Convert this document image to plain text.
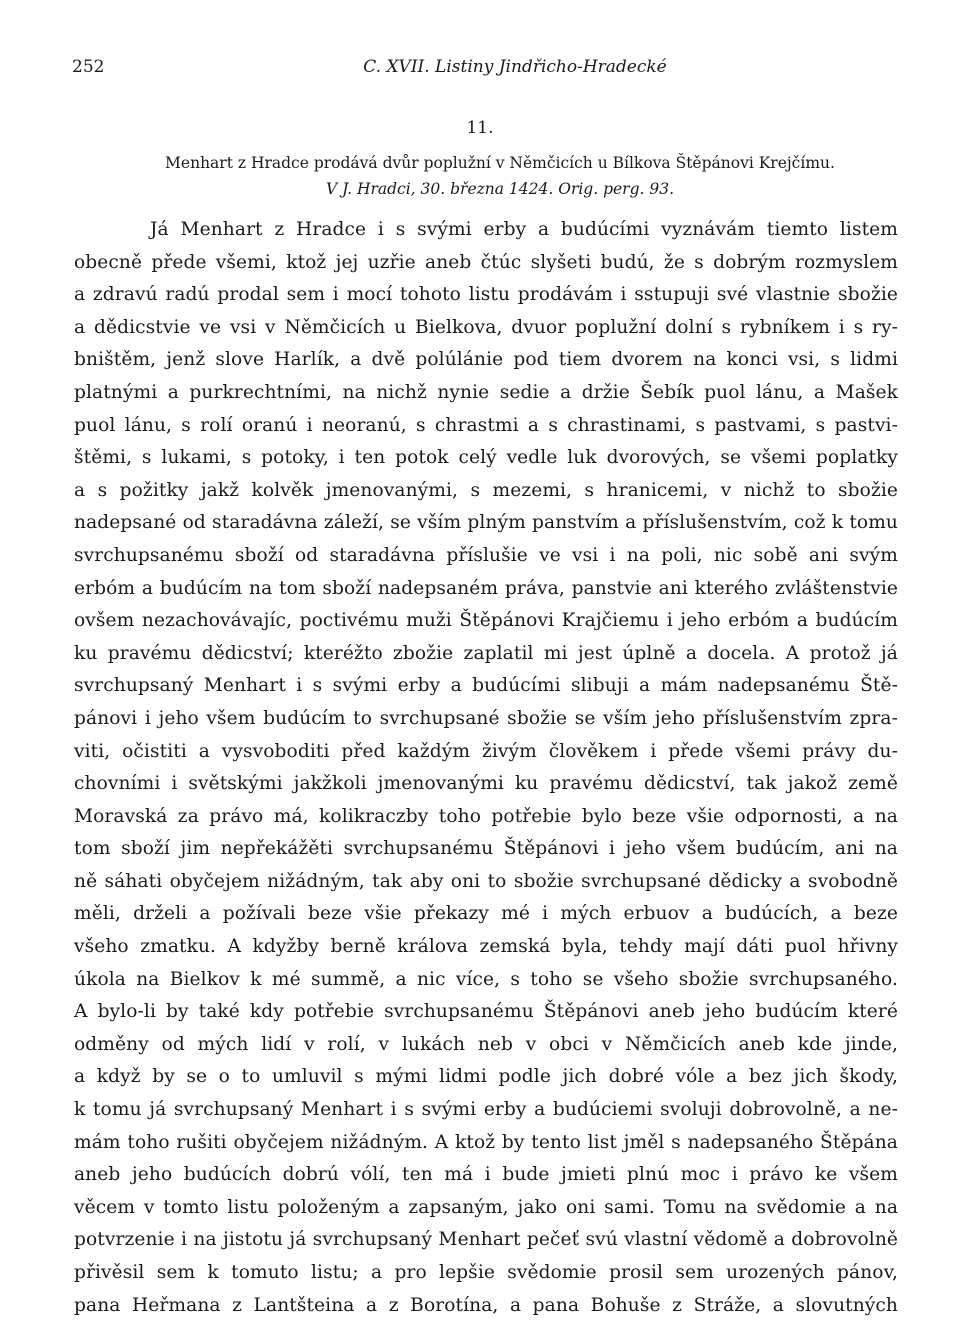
252	C. XVII. Listiny Jindřicho-Hradecké
11.
Menhart z Hradce prodává dvůr poplužní v Němčicích u Bílkova Štěpánovi Krejčímu.
V J. Hradci, 30. března 1424. Orig. perg. 93.
Já Menhart z Hradce i s svými erby a budúcími vyznávám tiemto listem
obecně přede všemi, ktož jej uzřie aneb čtúc slyšeti budú, že s dobrým rozmyslem
a zdravú radú prodal sem i mocí tohoto listu prodávám i sstupuji své vlastnie sbožie
a dědicstvie ve vsi v Němčicích u Bielkova, dvuor poplužní dolní s rybníkem i s ry-
bništěm, jenž slove Harlík, a dvě polúlánie pod tiem dvorem na konci vsi, s lidmi
platnými a purkrechtními, na nichž nynie sedie a držie Šebík puol lánu, a Mašek
puol lánu, s rolí oranú i neoranú, s chrastmi a s chrastinami, s pastvami, s pastvi-
štěmi, s lukami, s potoky, i ten potok celý vedle luk dvorových, se všemi poplatky
a s požitky jakž kolvěk jmenovanými, s mezemi, s hranicemi, v nichž to sbožie
nadepsané od staradávna záleží, se vším plným panstvím a příslušenstvím, což k tomu
svrchupsanému sboží od staradávna příslušie ve vsi i na poli, nic sobě ani svým
erbóm a budúcím na tom sboží nadepsaném práva, panstvie ani kterého zvláštenstvie
ovšem nezachovávajíc, poctivému muži Štěpánovi Krajčiemu i jeho erbóm a budúcím
ku pravému dědicství; kteréžto zbožie zaplatil mi jest úplně a docela. A protož já
svrchupsaný Menhart i s svými erby a budúcími slibuji a mám nadepsanému Ště-
pánovi i jeho všem budúcím to svrchupsané sbožie se vším jeho příslušenstvím zpra-
viti, očistiti a vysvoboditi před každým živým člověkem i přede všemi právy du-
chovními i světskými jakžkoli jmenovanými ku pravému dědicství, tak jakož země
Moravská za právo má, kolikraczby toho potřebie bylo beze všie odpornosti, a na
tom sboží jim nepřekážěti svrchupsanému Štěpánovi i jeho všem budúcím, ani na
ně sáhati obyčejem nižádným, tak aby oni to sbožie svrchupsané dědicky a svobodně
měli, drželi a požívali beze všie překazy mé i mých erbuov a budúcích, a beze
všeho zmatku. A kdyžby berně králova zemská byla, tehdy mají dáti puol hřivny
úkola na Bielkov k mé summě, a nic více, s toho se všeho sbožie svrchupsaného.
A bylo-li by také kdy potřebie svrchupsanému Štěpánovi aneb jeho budúcím které
odměny od mých lidí v rolí, v lukách neb v obci v Němčicích aneb kde jinde,
a když by se o to umluvil s mými lidmi podle jich dobré vóle a bez jich škody,
k tomu já svrchupsaný Menhart i s svými erby a budúciemi svoluji dobrovolně, a ne-
mám toho rušiti obyčejem nižádným. A ktož by tento list jměl s nadepsaného Štěpána
aneb jeho budúcích dobrú vólí, ten má i bude jmieti plnú moc i právo ke všem
věcem v tomto listu položeným a zapsaným, jako oni sami. Tomu na svědomie a na
potvrzenie i na jistotu já svrchupsaný Menhart pečeť svú vlastní vědomě a dobrovolně
přivěsil sem k tomuto listu; a pro lepšie svědomie prosil sem urozených pánov,
pana Heřmana z Lantšteina a z Borotína, a pana Bohuše z Stráže, a slovutných
